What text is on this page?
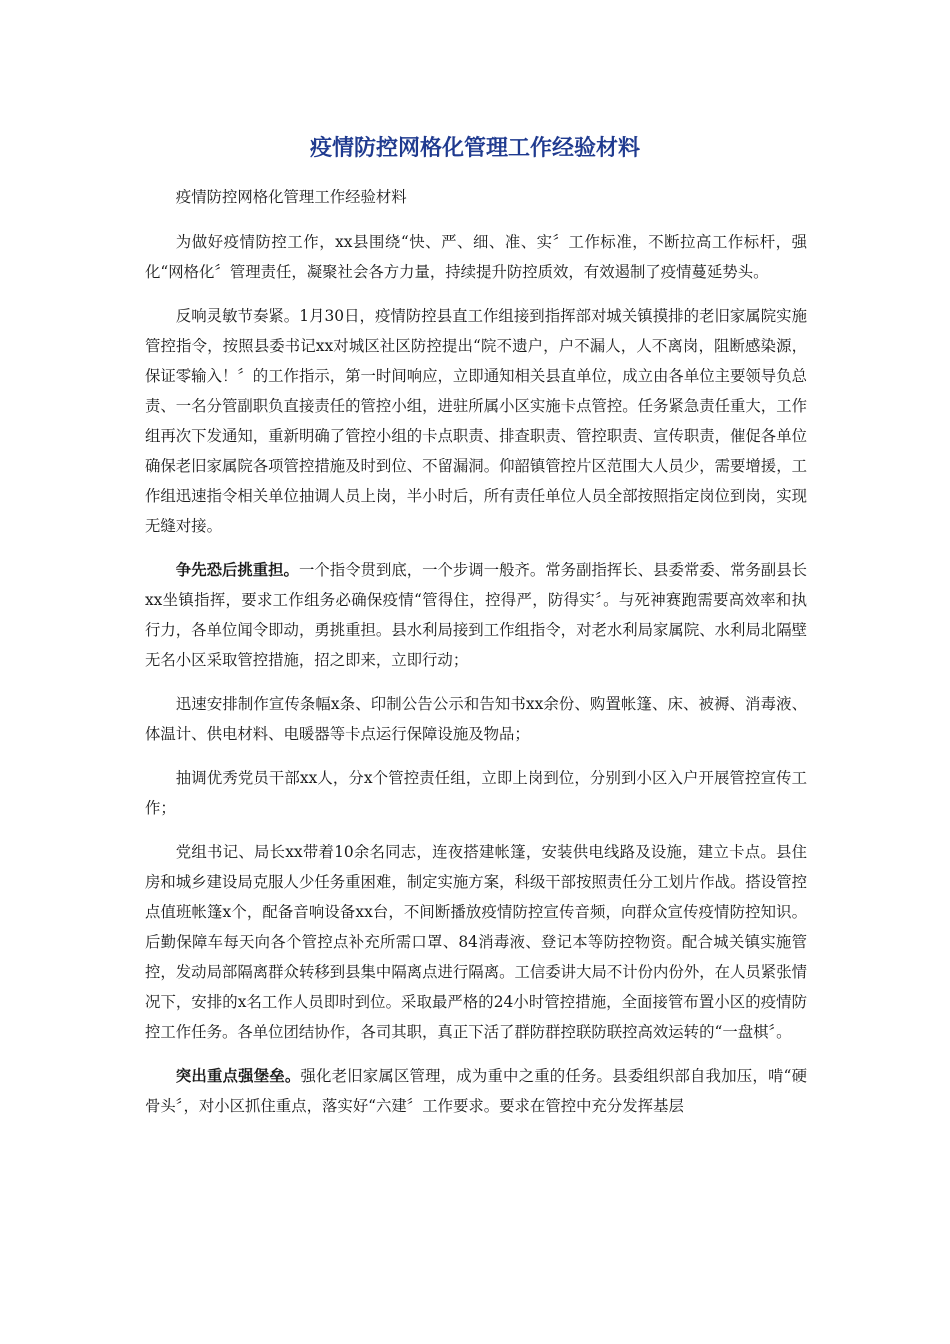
疫情防控网格化管理工作经验材料

疫情防控网格化管理工作经验材料

为做好疫情防控工作，xx县围绕“快、严、细、准、实〞工作标准，不断拉高工作标杆，强化“网格化〞管理责任，凝聚社会各方力量，持续提升防控质效，有效遏制了疫情蔓延势头。

反响灵敏节奏紧。1月30日，疫情防控县直工作组接到指挥部对城关镇摸排的老旧家属院实施管控指令，按照县委书记xx对城区社区防控提出“院不遗户，户不漏人，人不离岗，阻断感染源，保证零输入！〞的工作指示，第一时间响应，立即通知相关县直单位，成立由各单位主要领导负总责、一名分管副职负直接责任的管控小组，进驻所属小区实施卡点管控。任务紧急责任重大，工作组再次下发通知，重新明确了管控小组的卡点职责、排查职责、管控职责、宣传职责，催促各单位确保老旧家属院各项管控措施及时到位、不留漏洞。仰韶镇管控片区范围大人员少，需要增援，工作组迅速指令相关单位抽调人员上岗，半小时后，所有责任单位人员全部按照指定岗位到岗，实现无缝对接。

争先恐后挑重担。一个指令贯到底，一个步调一般齐。常务副指挥长、县委常委、常务副县长xx坐镇指挥，要求工作组务必确保疫情“管得住，控得严，防得实〞。与死神赛跑需要高效率和执行力，各单位闻令即动，勇挑重担。县水利局接到工作组指令，对老水利局家属院、水利局北隔壁无名小区采取管控措施，招之即来，立即行动；

迅速安排制作宣传条幅x条、印制公告公示和告知书xx余份、购置帐篷、床、被褥、消毒液、体温计、供电材料、电暖器等卡点运行保障设施及物品；

抽调优秀党员干部xx人，分x个管控责任组，立即上岗到位，分别到小区入户开展管控宣传工作；

党组书记、局长xx带着10余名同志，连夜搭建帐篷，安装供电线路及设施，建立卡点。县住房和城乡建设局克服人少任务重困难，制定实施方案，科级干部按照责任分工划片作战。搭设管控点值班帐篷x个，配备音响设备xx台，不间断播放疫情防控宣传音频，向群众宣传疫情防控知识。后勤保障车每天向各个管控点补充所需口罩、84消毒液、登记本等防控物资。配合城关镇实施管控，发动局部隔离群众转移到县集中隔离点进行隔离。工信委讲大局不计份内份外，在人员紧张情况下，安排的x名工作人员即时到位。采取最严格的24小时管控措施，全面接管布置小区的疫情防控工作任务。各单位团结协作，各司其职，真正下活了群防群控联防联控高效运转的“一盘棋〞。

突出重点强堡垒。强化老旧家属区管理，成为重中之重的任务。县委组织部自我加压，啃“硬骨头〞，对小区抓住重点，落实好“六建〞工作要求。要求在管控中充分发挥基层
